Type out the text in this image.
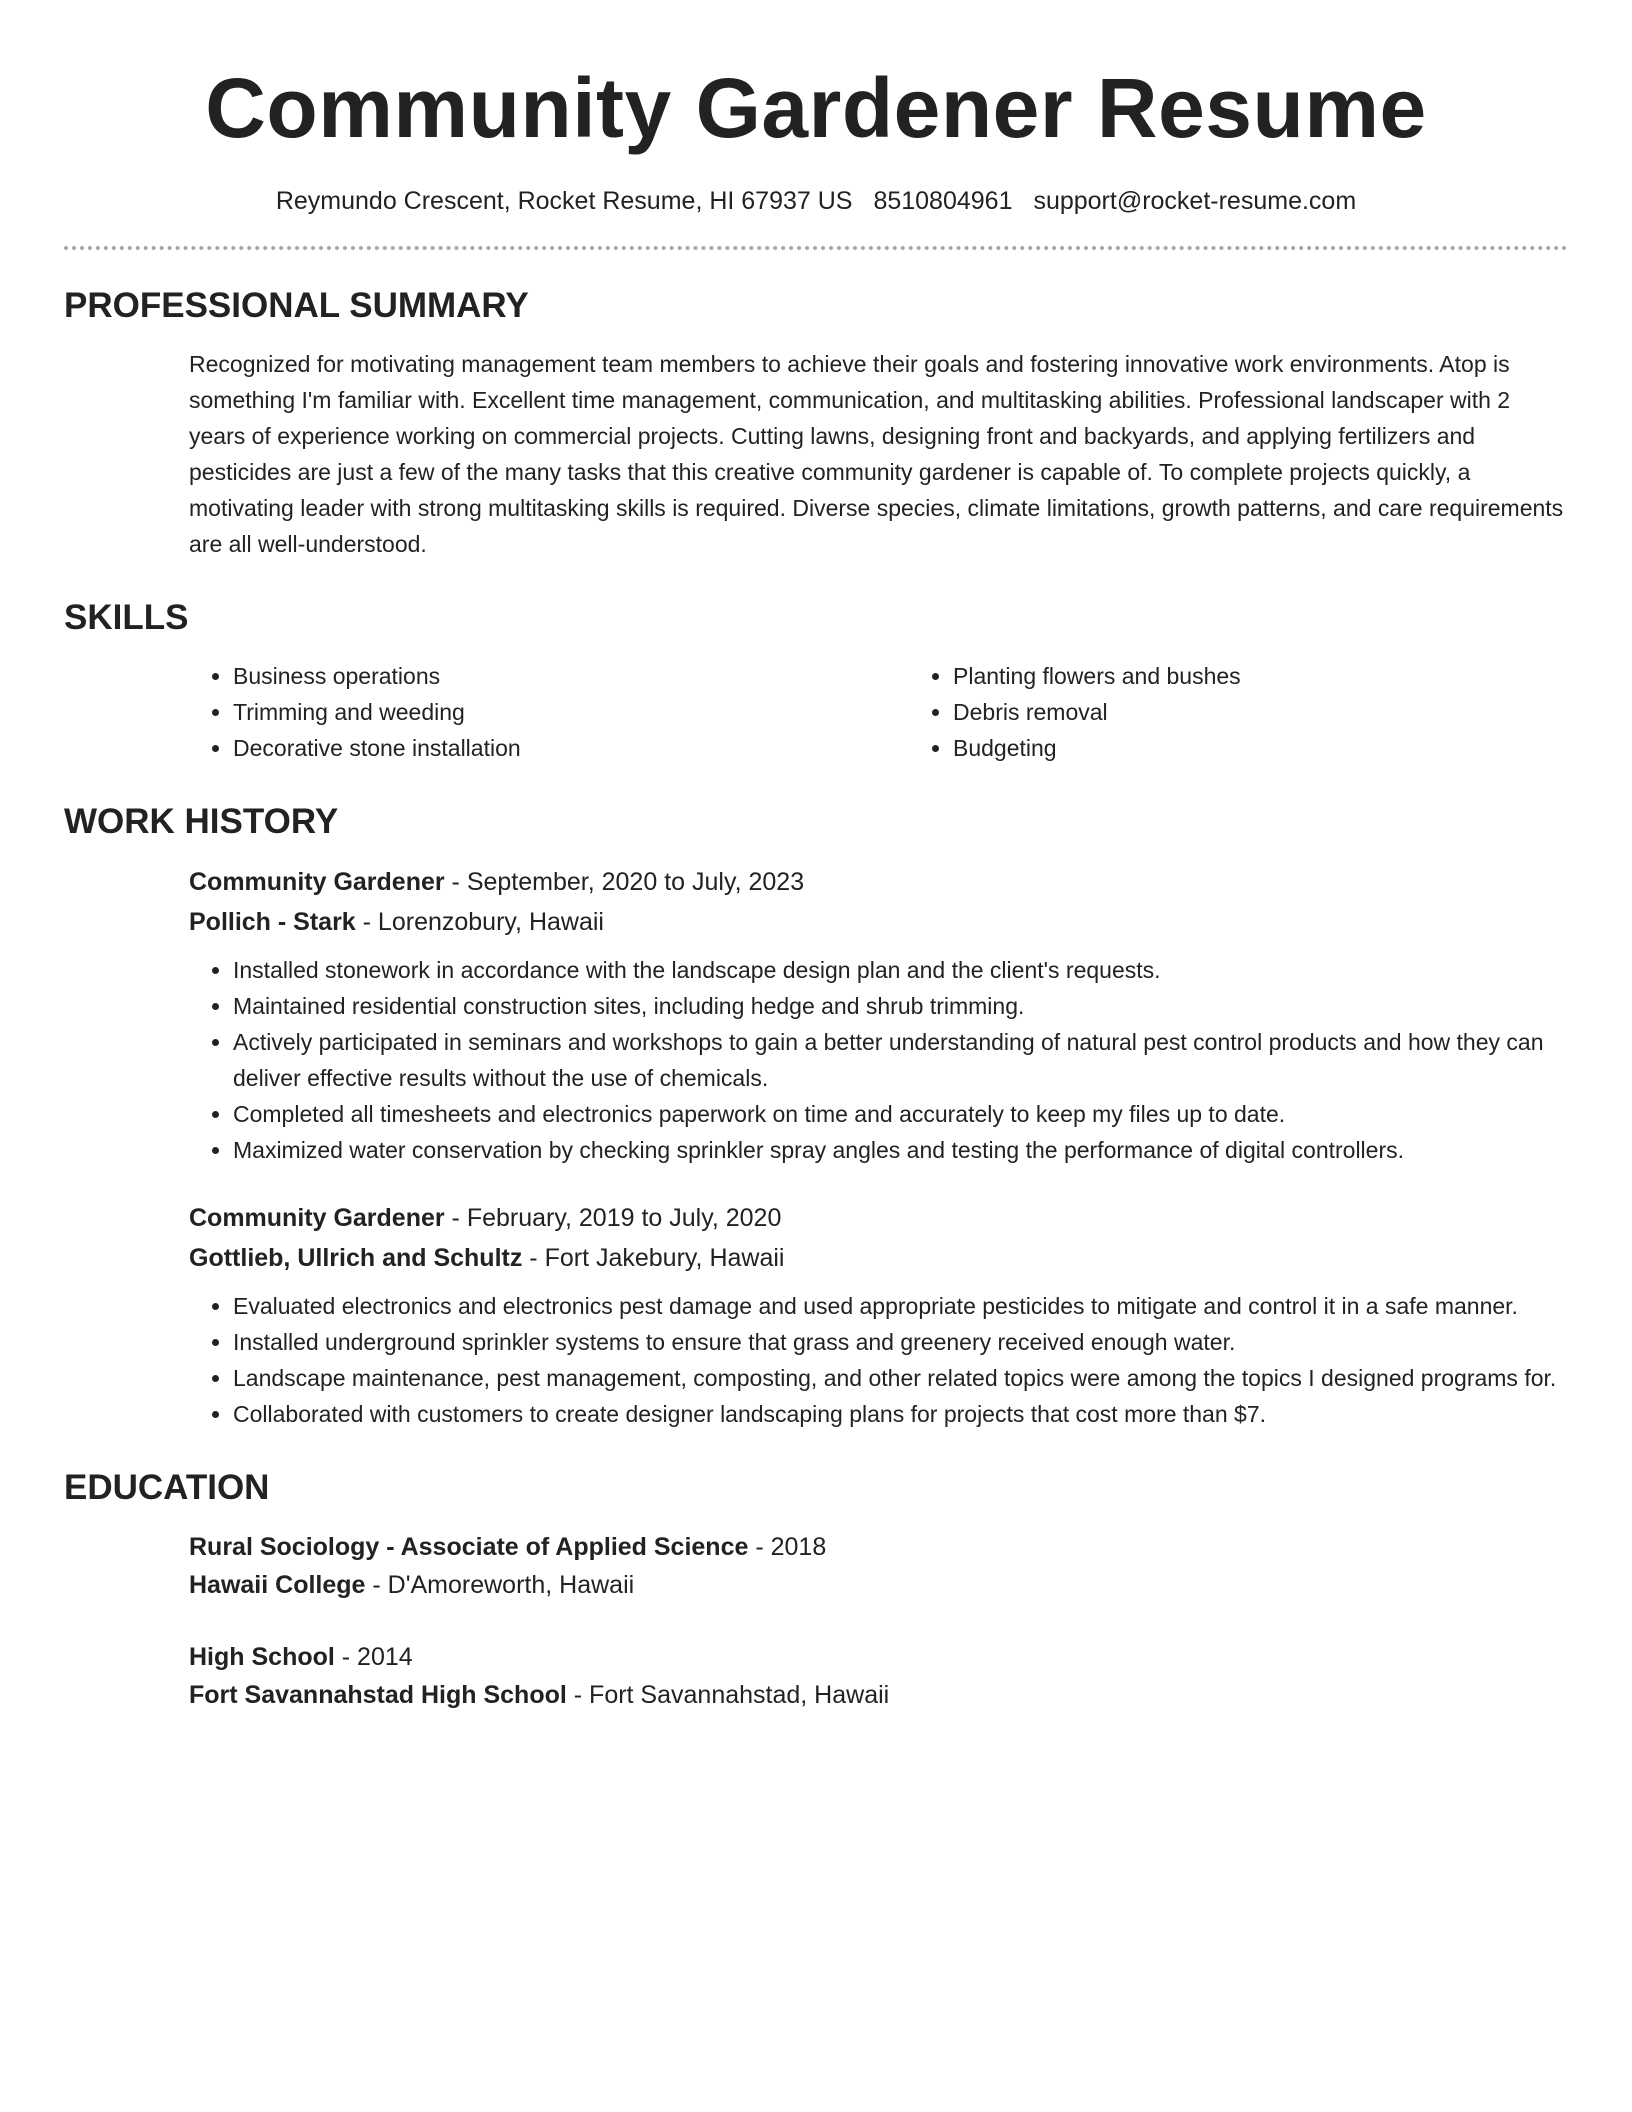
Community Gardener Resume
Reymundo Crescent, Rocket Resume, HI 67937 US 8510804961 support@rocket-resume.com
PROFESSIONAL SUMMARY

Recognized for motivating management team members to achieve their goals and fostering innovative work environments. Atop is something I'm familiar with. Excellent time management, communication, and multitasking abilities. Professional landscaper with 2 years of experience working on commercial projects. Cutting lawns, designing front and backyards, and applying fertilizers and pesticides are just a few of the many tasks that this creative community gardener is capable of. To complete projects quickly, a motivating leader with strong multitasking skills is required. Diverse species, climate limitations, growth patterns, and care requirements are all well-understood.

SKILLS
• Business operations
• Trimming and weeding
• Decorative stone installation
• Planting flowers and bushes
• Debris removal
• Budgeting
WORK HISTORY
Community Gardener - September, 2020 to July, 2023
Pollich - Stark - Lorenzobury, Hawaii
• Installed stonework in accordance with the landscape design plan and the client's requests.
• Maintained residential construction sites, including hedge and shrub trimming.
• Actively participated in seminars and workshops to gain a better understanding of natural pest control products and how they can deliver effective results without the use of chemicals.
• Completed all timesheets and electronics paperwork on time and accurately to keep my files up to date.
• Maximized water conservation by checking sprinkler spray angles and testing the performance of digital controllers.
Community Gardener - February, 2019 to July, 2020
Gottlieb, Ullrich and Schultz - Fort Jakebury, Hawaii
• Evaluated electronics and electronics pest damage and used appropriate pesticides to mitigate and control it in a safe manner.
• Installed underground sprinkler systems to ensure that grass and greenery received enough water.
• Landscape maintenance, pest management, composting, and other related topics were among the topics I designed programs for.
• Collaborated with customers to create designer landscaping plans for projects that cost more than $7.
EDUCATION
Rural Sociology - Associate of Applied Science - 2018
Hawaii College - D'Amoreworth, Hawaii
High School - 2014
Fort Savannahstad High School - Fort Savannahstad, Hawaii
